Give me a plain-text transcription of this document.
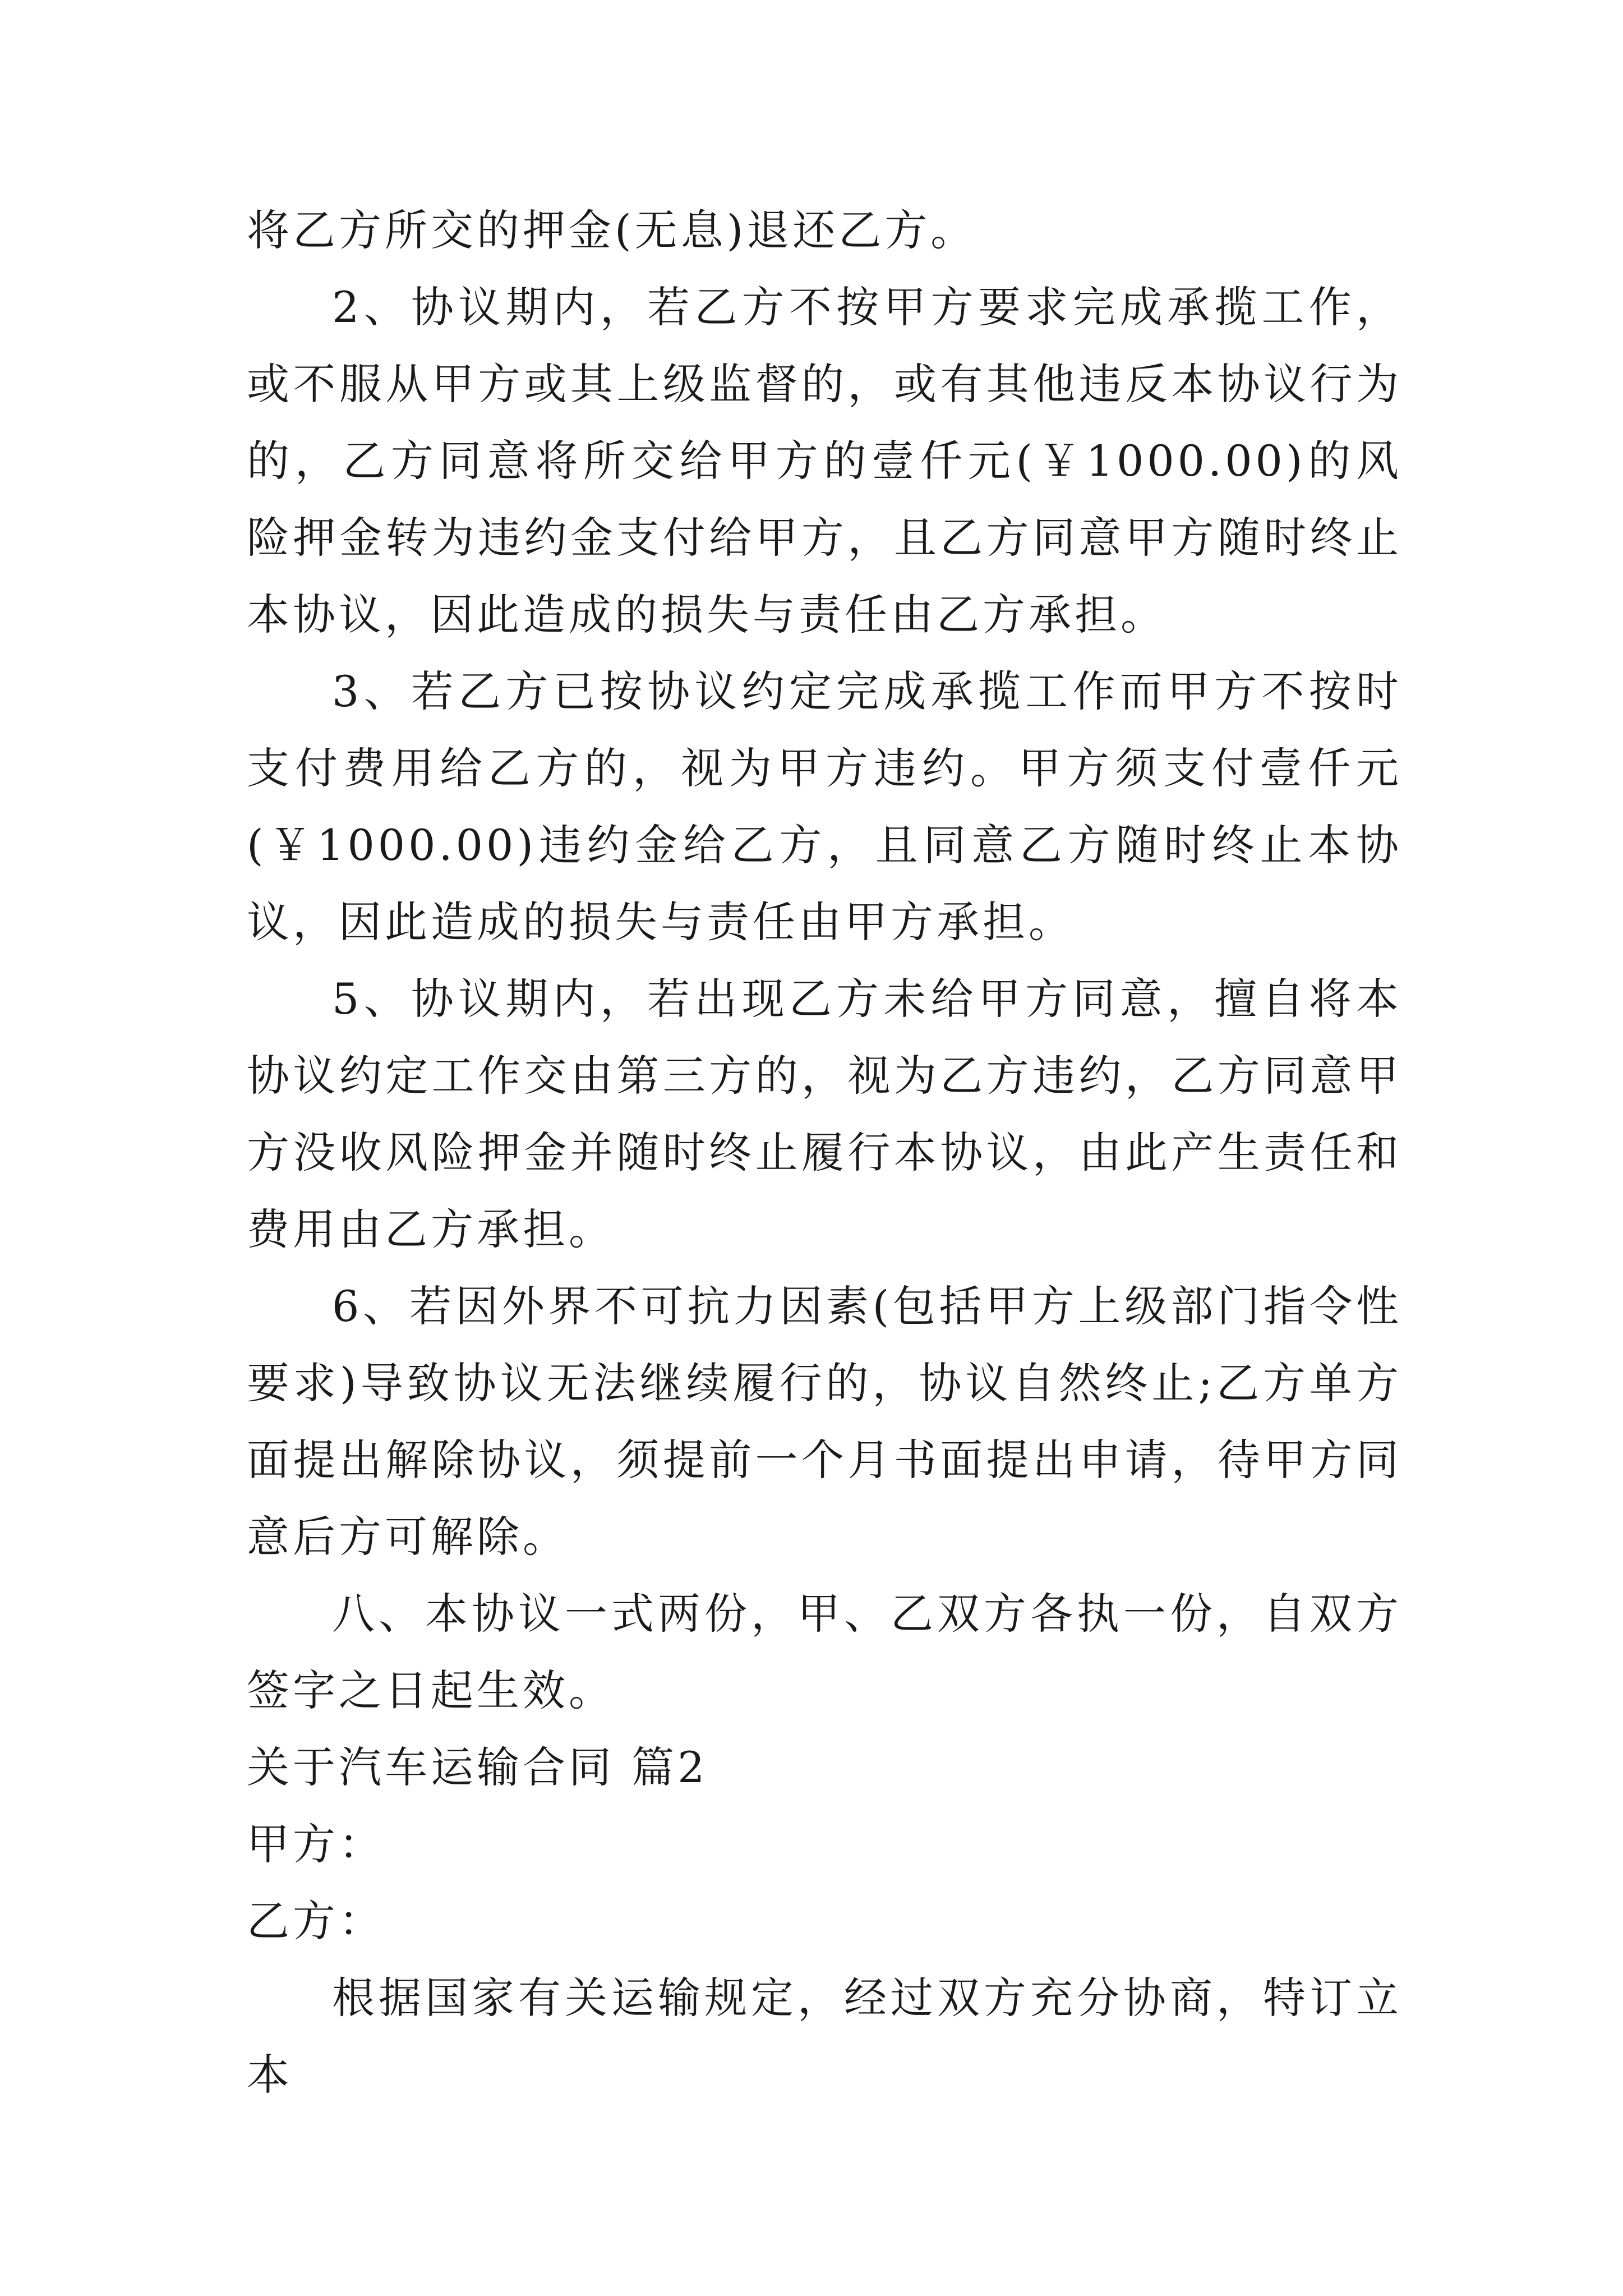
将乙方所交的押金(无息)退还乙方。

2、协议期内，若乙方不按甲方要求完成承揽工作，或不服从甲方或其上级监督的，或有其他违反本协议行为的，乙方同意将所交给甲方的壹仟元(￥1000.00)的风险押金转为违约金支付给甲方，且乙方同意甲方随时终止本协议，因此造成的损失与责任由乙方承担。

3、若乙方已按协议约定完成承揽工作而甲方不按时支付费用给乙方的，视为甲方违约。甲方须支付壹仟元(￥1000.00)违约金给乙方，且同意乙方随时终止本协议，因此造成的损失与责任由甲方承担。

5、协议期内，若出现乙方未给甲方同意，擅自将本协议约定工作交由第三方的，视为乙方违约，乙方同意甲方没收风险押金并随时终止履行本协议，由此产生责任和费用由乙方承担。

6、若因外界不可抗力因素(包括甲方上级部门指令性要求)导致协议无法继续履行的，协议自然终止;乙方单方面提出解除协议，须提前一个月书面提出申请，待甲方同意后方可解除。

八、本协议一式两份，甲、乙双方各执一份，自双方签字之日起生效。

关于汽车运输合同 篇2

甲方：

乙方：

根据国家有关运输规定，经过双方充分协商，特订立本
